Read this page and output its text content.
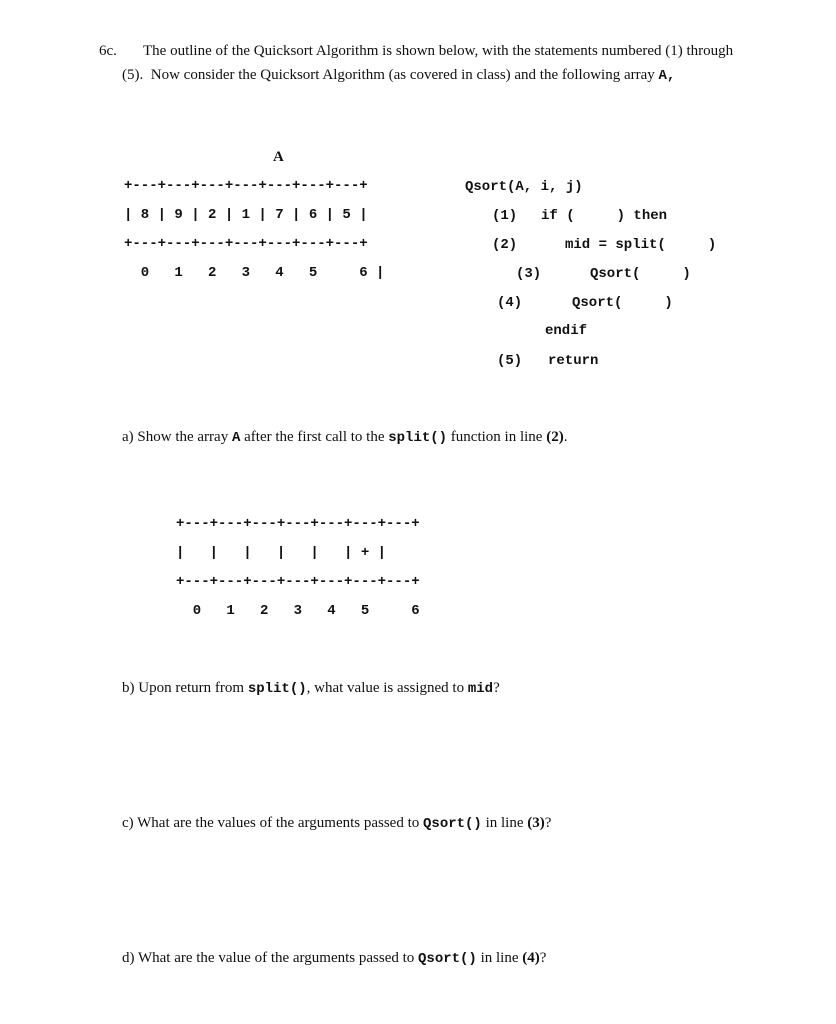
6c. The outline of the Quicksort Algorithm is shown below, with the statements numbered (1) through
(5).  Now consider the Quicksort Algorithm (as covered in class) and the following array A,
A
+---+---+---+---+---+---+---+
| 8 | 9 | 2 | 1 | 7 | 6 | 5 |
+---+---+---+---+---+---+---+
0   1   2   3   4   5     6 |
Qsort(A, i, j)
(1) if (     ) then
(2)	mid = split(     )
(3)	Qsort(     )
(4)	Qsort(     )
endif
(5) return
a) Show the array A after the first call to the split() function in line (2).
+---+---+---+---+---+---+---+
|   |   |   |   |   | + |
+---+---+---+---+---+---+---+
0   1   2   3   4   5     6
b) Upon return from split(), what value is assigned to mid?
c) What are the values of the arguments passed to Qsort() in line (3)?
d) What are the value of the arguments passed to Qsort() in line (4)?
